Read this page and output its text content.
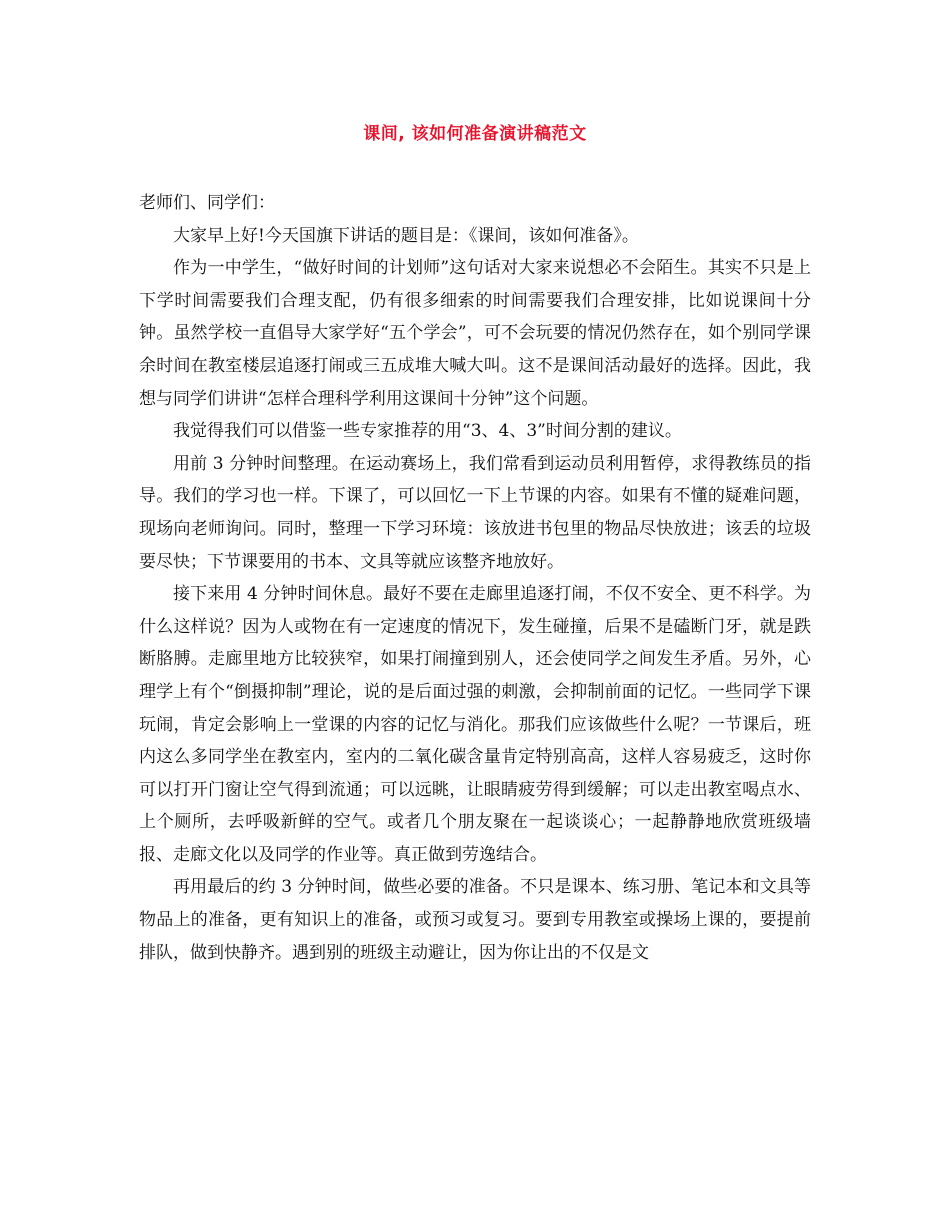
课间, 该如何准备演讲稿范文

老师们、同学们：

大家早上好!今天国旗下讲话的题目是：《课间，该如何准备》。

作为一中学生，“做好时间的计划师”这句话对大家来说想必不会陌生。其实不只是上下学时间需要我们合理支配，仍有很多细索的时间需要我们合理安排，比如说课间十分钟。虽然学校一直倡导大家学好“五个学会”，可不会玩要的情况仍然存在，如个别同学课余时间在教室楼层追逐打闹或三五成堆大喊大叫。这不是课间活动最好的选择。因此，我想与同学们讲讲“怎样合理科学利用这课间十分钟”这个问题。

我觉得我们可以借鉴一些专家推荐的用“3、4、3”时间分割的建议。

用前 3 分钟时间整理。在运动赛场上，我们常看到运动员利用暂停，求得教练员的指导。我们的学习也一样。下课了，可以回忆一下上节课的内容。如果有不懂的疑难问题，现场向老师询问。同时，整理一下学习环境：该放进书包里的物品尽快放进；该丢的垃圾要尽快；下节课要用的书本、文具等就应该整齐地放好。

接下来用 4 分钟时间休息。最好不要在走廊里追逐打闹，不仅不安全、更不科学。为什么这样说？因为人或物在有一定速度的情况下，发生碰撞，后果不是磕断门牙，就是跌断胳膊。走廊里地方比较狭窄，如果打闹撞到别人，还会使同学之间发生矛盾。另外，心理学上有个“倒摄抑制”理论，说的是后面过强的刺激，会抑制前面的记忆。一些同学下课玩闹，肯定会影响上一堂课的内容的记忆与消化。那我们应该做些什么呢？一节课后，班内这么多同学坐在教室内，室内的二氧化碳含量肯定特别高高，这样人容易疲乏，这时你可以打开门窗让空气得到流通；可以远眺，让眼睛疲劳得到缓解；可以走出教室喝点水、上个厕所，去呼吸新鲜的空气。或者几个朋友聚在一起谈谈心；一起静静地欣赏班级墙报、走廊文化以及同学的作业等。真正做到劳逸结合。

再用最后的约 3 分钟时间，做些必要的准备。不只是课本、练习册、笔记本和文具等物品上的准备，更有知识上的准备，或预习或复习。要到专用教室或操场上课的，要提前排队，做到快静齐。遇到别的班级主动避让，因为你让出的不仅是文
